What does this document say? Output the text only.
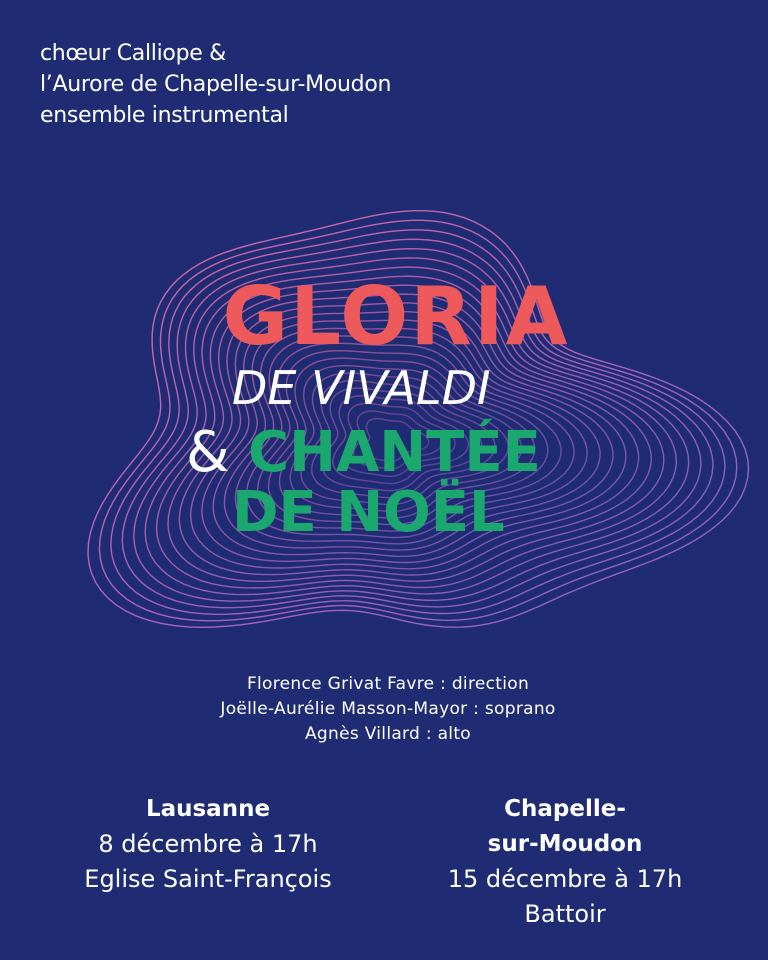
chœur Calliope &
l’Aurore de Chapelle-sur-Moudon
ensemble instrumental
GLORIA
DE VIVALDI
& CHANTÉE
DE NOËL
Florence Grivat Favre : direction
Joëlle-Aurélie Masson-Mayor : soprano
Agnès Villard : alto
Lausanne
8 décembre à 17h
Eglise Saint-François
Chapelle-
sur-Moudon
15 décembre à 17h
Battoir
